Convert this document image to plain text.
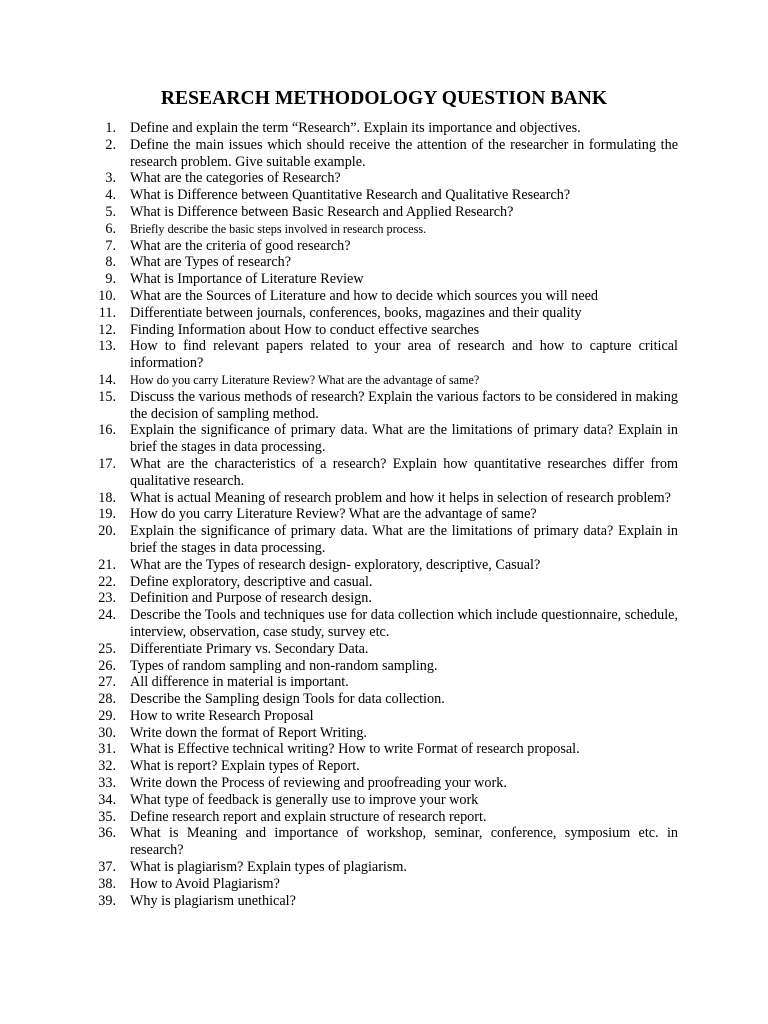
RESEARCH METHODOLOGY QUESTION BANK
1. Define and explain the term “Research”. Explain its importance and objectives.
2. Define the main issues which should receive the attention of the researcher in formulating the research problem. Give suitable example.
3. What are the categories of Research?
4. What is Difference between Quantitative Research and Qualitative Research?
5. What is Difference between Basic Research and Applied Research?
6. Briefly describe the basic steps involved in research process.
7. What are the criteria of good research?
8. What are Types of research?
9. What is Importance of Literature Review
10. What are the Sources of Literature and how to decide which sources you will need
11. Differentiate between journals, conferences, books, magazines and their quality
12. Finding Information about How to conduct effective searches
13. How to find relevant papers related to your area of research and how to capture critical information?
14. How do you carry Literature Review? What are the advantage of same?
15. Discuss the various methods of research? Explain the various factors to be considered in making the decision of sampling method.
16. Explain the significance of primary data. What are the limitations of primary data? Explain in brief the stages in data processing.
17. What are the characteristics of a research? Explain how quantitative researches differ from qualitative research.
18. What is actual Meaning of research problem and how it helps in selection of research problem?
19. How do you carry Literature Review? What are the advantage of same?
20. Explain the significance of primary data. What are the limitations of primary data? Explain in brief the stages in data processing.
21. What are the Types of research design- exploratory, descriptive, Casual?
22. Define exploratory, descriptive and casual.
23. Definition and Purpose of research design.
24. Describe the Tools and techniques use for data collection which include questionnaire, schedule, interview, observation, case study, survey etc.
25. Differentiate Primary vs. Secondary Data.
26. Types of random sampling and non-random sampling.
27. All difference in material is important.
28. Describe the Sampling design Tools for data collection.
29. How to write Research Proposal
30. Write down the format of Report Writing.
31. What is Effective technical writing? How to write Format of research proposal.
32. What is report? Explain types of Report.
33. Write down the Process of reviewing and proofreading your work.
34. What type of feedback is generally use to improve your work
35. Define research report and explain structure of research report.
36. What is Meaning and importance of workshop, seminar, conference, symposium etc. in research?
37. What is plagiarism? Explain types of plagiarism.
38. How to Avoid Plagiarism?
39. Why is plagiarism unethical?
